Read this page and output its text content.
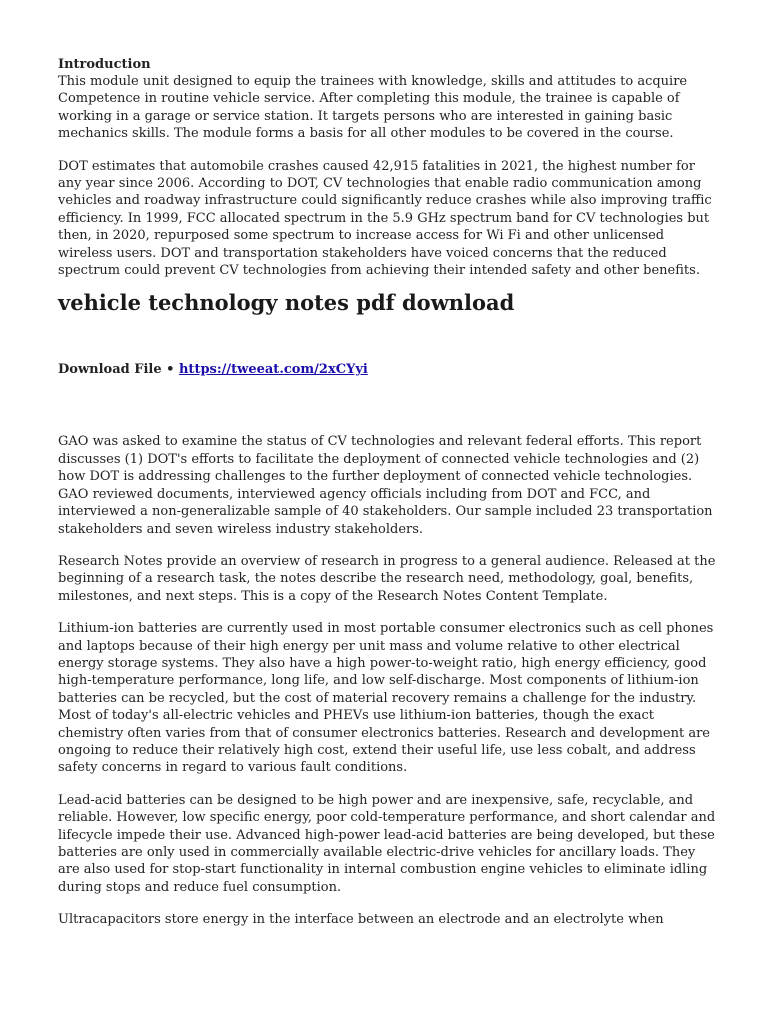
Introduction

This module unit designed to equip the trainees with knowledge, skills and attitudes to acquire Competence in routine vehicle service. After completing this module, the trainee is capable of working in a garage or service station. It targets persons who are interested in gaining basic mechanics skills. The module forms a basis for all other modules to be covered in the course.

DOT estimates that automobile crashes caused 42,915 fatalities in 2021, the highest number for any year since 2006. According to DOT, CV technologies that enable radio communication among vehicles and roadway infrastructure could significantly reduce crashes while also improving traffic efficiency. In 1999, FCC allocated spectrum in the 5.9 GHz spectrum band for CV technologies but then, in 2020, repurposed some spectrum to increase access for Wi Fi and other unlicensed wireless users. DOT and transportation stakeholders have voiced concerns that the reduced spectrum could prevent CV technologies from achieving their intended safety and other benefits.

vehicle technology notes pdf download
Download File • https://tweeat.com/2xCYyi

GAO was asked to examine the status of CV technologies and relevant federal efforts. This report discusses (1) DOT's efforts to facilitate the deployment of connected vehicle technologies and (2) how DOT is addressing challenges to the further deployment of connected vehicle technologies. GAO reviewed documents, interviewed agency officials including from DOT and FCC, and interviewed a non-generalizable sample of 40 stakeholders. Our sample included 23 transportation stakeholders and seven wireless industry stakeholders.

Research Notes provide an overview of research in progress to a general audience. Released at the beginning of a research task, the notes describe the research need, methodology, goal, benefits, milestones, and next steps. This is a copy of the Research Notes Content Template.

Lithium-ion batteries are currently used in most portable consumer electronics such as cell phones and laptops because of their high energy per unit mass and volume relative to other electrical energy storage systems. They also have a high power-to-weight ratio, high energy efficiency, good high-temperature performance, long life, and low self-discharge. Most components of lithium-ion batteries can be recycled, but the cost of material recovery remains a challenge for the industry. Most of today's all-electric vehicles and PHEVs use lithium-ion batteries, though the exact chemistry often varies from that of consumer electronics batteries. Research and development are ongoing to reduce their relatively high cost, extend their useful life, use less cobalt, and address safety concerns in regard to various fault conditions.

Lead-acid batteries can be designed to be high power and are inexpensive, safe, recyclable, and reliable. However, low specific energy, poor cold-temperature performance, and short calendar and lifecycle impede their use. Advanced high-power lead-acid batteries are being developed, but these batteries are only used in commercially available electric-drive vehicles for ancillary loads. They are also used for stop-start functionality in internal combustion engine vehicles to eliminate idling during stops and reduce fuel consumption.

Ultracapacitors store energy in the interface between an electrode and an electrolyte when
